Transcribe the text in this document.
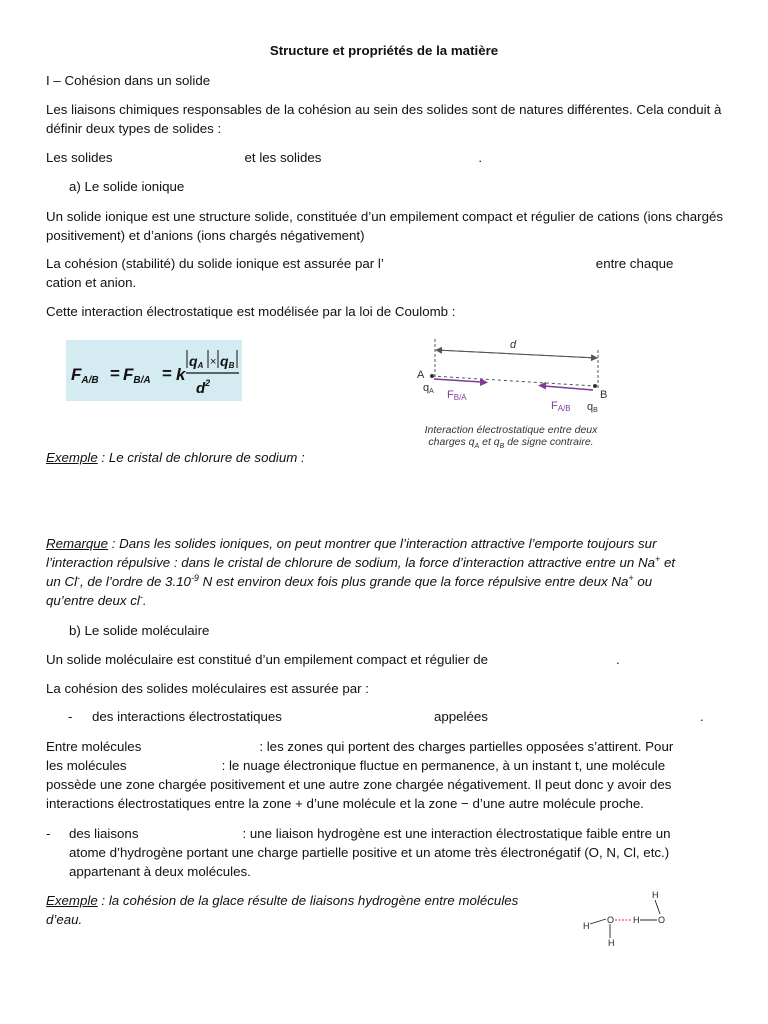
Structure et propriétés de la matière

I – Cohésion dans un solide

Les liaisons chimiques responsables de la cohésion au sein des solides sont de natures différentes. Cela conduit à définir deux types de solides :

Les solides	et les solides	.

a) Le solide ionique

Un solide ionique est une structure solide, constituée d’un empilement compact et régulier de cations (ions chargés positivement) et d’anions (ions chargés négativement)

La cohésion (stabilité) du solide ionique est assurée par l’	entre chaque
cation et anion.

Cette interaction électrostatique est modélisée par la loi de Coulomb :

FA/B = FB/A = k
qA × qB
$d^2$
d
A
qA FB/A	B
qB
FA/B
Interaction électrostatique entre deux
charges $q_A$ et $q_B$ de signe contraire.

Exemple : Le cristal de chlorure de sodium :

Remarque : Dans les solides ioniques, on peut montrer que l’interaction attractive l’emporte toujours sur
l’interaction répulsive : dans le cristal de chlorure de sodium, la force d’interaction attractive entre un Na+ et
un Cl-, de l’ordre de $3.10^{-9}$ N est environ deux fois plus grande que la force répulsive entre deux Na+ ou
qu’entre deux cl-.

b) Le solide moléculaire

Un solide moléculaire est constitué d’un empilement compact et régulier de	.

La cohésion des solides moléculaires est assurée par :

- des interactions électrostatiques	appelées	.

Entre molécules	: les zones qui portent des charges partielles opposées s’attirent. Pour
les molécules	: le nuage électronique fluctue en permanence, à un instant t, une molécule
possède une zone chargée positivement et une autre zone chargée négativement. Il peut donc y avoir des
interactions électrostatiques entre la zone + d’une molécule et la zone − d’une autre molécule proche.

- des liaisons	: une liaison hydrogène est une interaction électrostatique faible entre un
atome d’hydrogène portant une charge partielle positive et un atome très électronégatif (O, N, Cl, etc.)
appartenant à deux molécules.

Exemple : la cohésion de la glace résulte de liaisons hydrogène entre molécules
d’eau.	H
O
H
H
H
O
